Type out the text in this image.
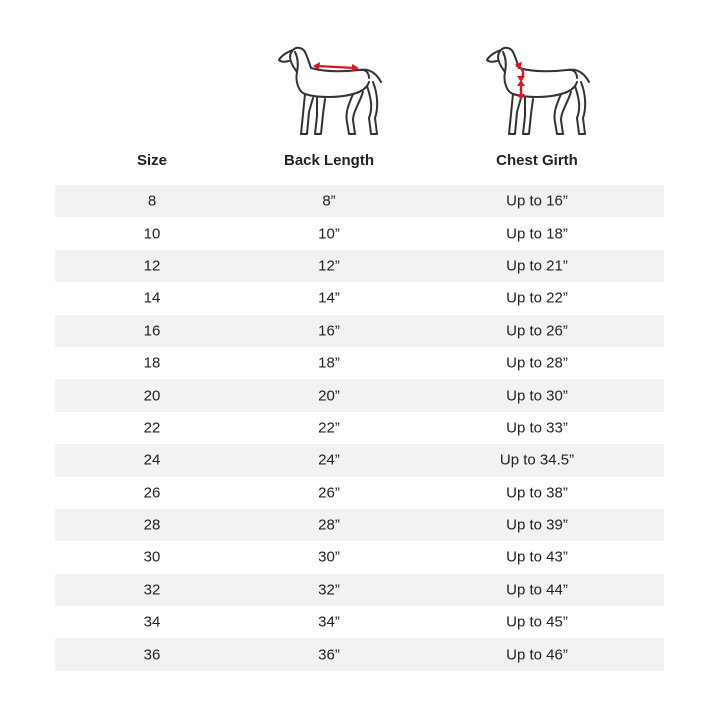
Size	Back Length	Chest Girth
8	8”	Up to 16”
10	10”	Up to 18”
12	12”	Up to 21”
14	14”	Up to 22”
16	16”	Up to 26”
18	18”	Up to 28”
20	20”	Up to 30”
22	22”	Up to 33”
24	24”	Up to 34.5”
26	26”	Up to 38”
28	28”	Up to 39”
30	30”	Up to 43”
32	32”	Up to 44”
34	34”	Up to 45”
36	36”	Up to 46”
